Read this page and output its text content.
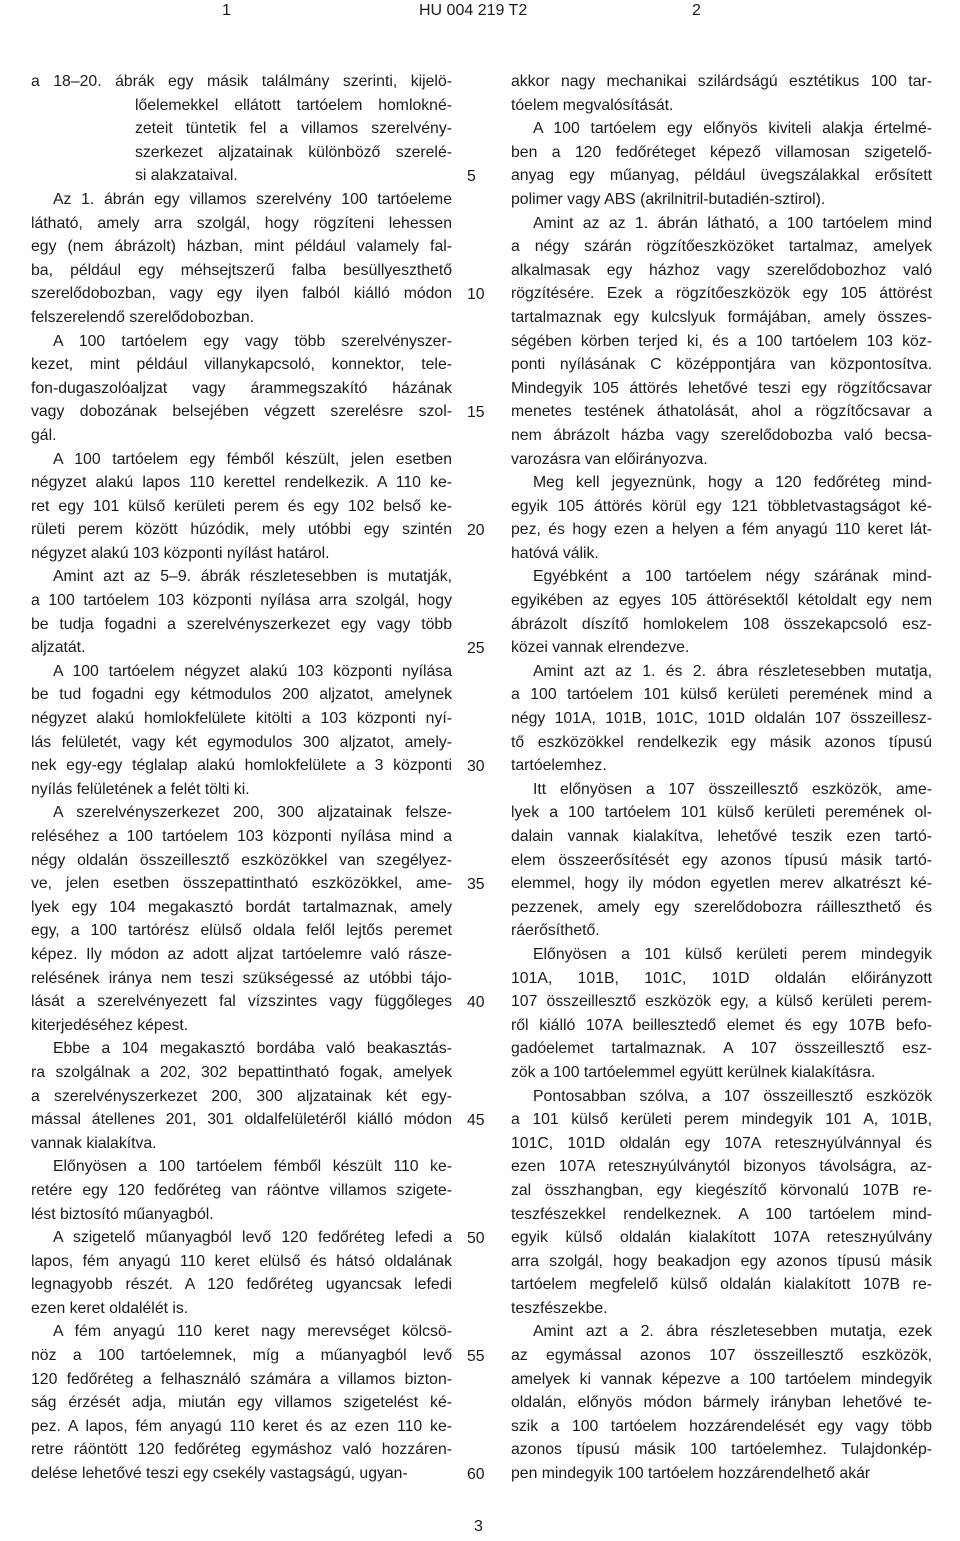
1	HU 004 219 T2	2
a 18–20. ábrák egy másik találmány szerinti, kijelö-
lőelemekkel ellátott tartóelem homlokné-
zeteit tüntetik fel a villamos szerelvény-
szerkezet aljzatainak különböző szerelé-
si alakzataival.
Az 1. ábrán egy villamos szerelvény 100 tartóeleme
látható, amely arra szolgál, hogy rögzíteni lehessen
egy (nem ábrázolt) házban, mint például valamely fal-
ba, például egy méhsejtszerű falba besüllyeszthető
szerelődobozban, vagy egy ilyen falból kiálló módon
felszerelendő szerelődobozban.
A 100 tartóelem egy vagy több szerelvényszer-
kezet, mint például villanykapcsoló, konnektor, tele-
fon-dugaszolóaljzat vagy árammegszakító házának
vagy dobozának belsejében végzett szerelésre szol-
gál.
A 100 tartóelem egy fémből készült, jelen esetben
négyzet alakú lapos 110 kerettel rendelkezik. A 110 ke-
ret egy 101 külső kerületi perem és egy 102 belső ke-
rületi perem között húzódik, mely utóbbi egy szintén
négyzet alakú 103 központi nyílást határol.
Amint azt az 5–9. ábrák részletesebben is mutatják,
a 100 tartóelem 103 központi nyílása arra szolgál, hogy
be tudja fogadni a szerelvényszerkezet egy vagy több
aljzatát.
A 100 tartóelem négyzet alakú 103 központi nyílása
be tud fogadni egy kétmodulos 200 aljzatot, amelynek
négyzet alakú homlokfelülete kitölti a 103 központi nyí-
lás felületét, vagy két egymodulos 300 aljzatot, amely-
nek egy-egy téglalap alakú homlokfelülete a 3 központi
nyílás felületének a felét tölti ki.
A szerelvényszerkezet 200, 300 aljzatainak felsze-
reléséhez a 100 tartóelem 103 központi nyílása mind a
négy oldalán összeillesztő eszközökkel van szegélyez-
ve, jelen esetben összepattintható eszközökkel, ame-
lyek egy 104 megakasztó bordát tartalmaznak, amely
egy, a 100 tartórész elülső oldala felől lejtős peremet
képez. Ily módon az adott aljzat tartóelemre való rásze-
relésének iránya nem teszi szükségessé az utóbbi tájo-
lását a szerelvényezett fal vízszintes vagy függőleges
kiterjedéséhez képest.
Ebbe a 104 megakasztó bordába való beakasztás-
ra szolgálnak a 202, 302 bepattintható fogak, amelyek
a szerelvényszerkezet 200, 300 aljzatainak két egy-
mással átellenes 201, 301 oldalfelületéről kiálló módon
vannak kialakítva.
Előnyösen a 100 tartóelem fémből készült 110 ke-
retére egy 120 fedőréteg van ráöntve villamos szigete-
lést biztosító műanyagból.
A szigetelő műanyagból levő 120 fedőréteg lefedi a
lapos, fém anyagú 110 keret elülső és hátsó oldalának
legnagyobb részét. A 120 fedőréteg ugyancsak lefedi
ezen keret oldalélét is.
A fém anyagú 110 keret nagy merevséget kölcsö-
nöz a 100 tartóelemnek, míg a műanyagból levő
120 fedőréteg a felhasználó számára a villamos bizton-
ság érzését adja, miután egy villamos szigetelést ké-
pez. A lapos, fém anyagú 110 keret és az ezen 110 ke-
retre ráöntött 120 fedőréteg egymáshoz való hozzáren-
delése lehetővé teszi egy csekély vastagságú, ugyan-
akkor nagy mechanikai szilárdságú esztétikus 100 tar-
tóelem megvalósítását.
A 100 tartóelem egy előnyös kiviteli alakja értelmé-
ben a 120 fedőréteget képező villamosan szigetelő-
anyag egy műanyag, például üvegszálakkal erősített
polimer vagy ABS (akrilnitril-butadién-sztirol).
Amint az az 1. ábrán látható, a 100 tartóelem mind
a négy szárán rögzítőeszközöket tartalmaz, amelyek
alkalmasak egy házhoz vagy szerelődobozhoz való
rögzítésére. Ezek a rögzítőeszközök egy 105 áttörést
tartalmaznak egy kulcslyuk formájában, amely összes-
ségében körben terjed ki, és a 100 tartóelem 103 köz-
ponti nyílásának C középpontjára van központosítva.
Mindegyik 105 áttörés lehetővé teszi egy rögzítőcsavar
menetes testének áthatolását, ahol a rögzítőcsavar a
nem ábrázolt házba vagy szerelődobozba való becsa-
varozásra van előirányozva.
Meg kell jegyeznünk, hogy a 120 fedőréteg mind-
egyik 105 áttörés körül egy 121 többletvastagságot ké-
pez, és hogy ezen a helyen a fém anyagú 110 keret lát-
hatóvá válik.
Egyébként a 100 tartóelem négy szárának mind-
egyikében az egyes 105 áttörésektől kétoldalt egy nem
ábrázolt díszítő homlokelem 108 összekapcsoló esz-
közei vannak elrendezve.
Amint azt az 1. és 2. ábra részletesebben mutatja,
a 100 tartóelem 101 külső kerületi peremének mind a
négy 101A, 101B, 101C, 101D oldalán 107 összeillesz-
tő eszközökkel rendelkezik egy másik azonos típusú
tartóelemhez.
Itt előnyösen a 107 összeillesztő eszközök, ame-
lyek a 100 tartóelem 101 külső kerületi peremének ol-
dalain vannak kialakítva, lehetővé teszik ezen tartó-
elem összeerősítését egy azonos típusú másik tartó-
elemmel, hogy ily módon egyetlen merev alkatrészt ké-
pezzenek, amely egy szerelődobozra ráilleszthető és
ráerősíthető.
Előnyösen a 101 külső kerületi perem mindegyik
101A, 101B, 101C, 101D oldalán előirányzott
107 összeillesztő eszközök egy, a külső kerületi perem-
ről kiálló 107A beillesztedő elemet és egy 107B befo-
gadóelemet tartalmaznak. A 107 összeillesztő esz-
zök a 100 tartóelemmel együtt kerülnek kialakításra.
Pontosabban szólva, a 107 összeillesztő eszközök
a 101 külső kerületi perem mindegyik 101 A, 101B,
101C, 101D oldalán egy 107A reteszнyúlvánnyal és
ezen 107A reteszнyúlványtól bizonyos távolságra, az-
zal összhangban, egy kiegészítő körvonalú 107B re-
teszfészekkel rendelkeznek. A 100 tartóelem mind-
egyik külső oldalán kialakított 107A reteszнyúlvány
arra szolgál, hogy beakadjon egy azonos típusú másik
tartóelem megfelelő külső oldalán kialakított 107B re-
teszfészekbe.
Amint azt a 2. ábra részletesebben mutatja, ezek
az egymással azonos 107 összeillesztő eszközök,
amelyek ki vannak képezve a 100 tartóelem mindegyik
oldalán, előnyös módon bármely irányban lehetővé te-
szik a 100 tartóelem hozzárendelését egy vagy több
azonos típusú másik 100 tartóelemhez. Tulajdonkép-
pen mindegyik 100 tartóelem hozzárendelhető akár
5
10
15
20
25
30
35
40
45
50
55
60
3
